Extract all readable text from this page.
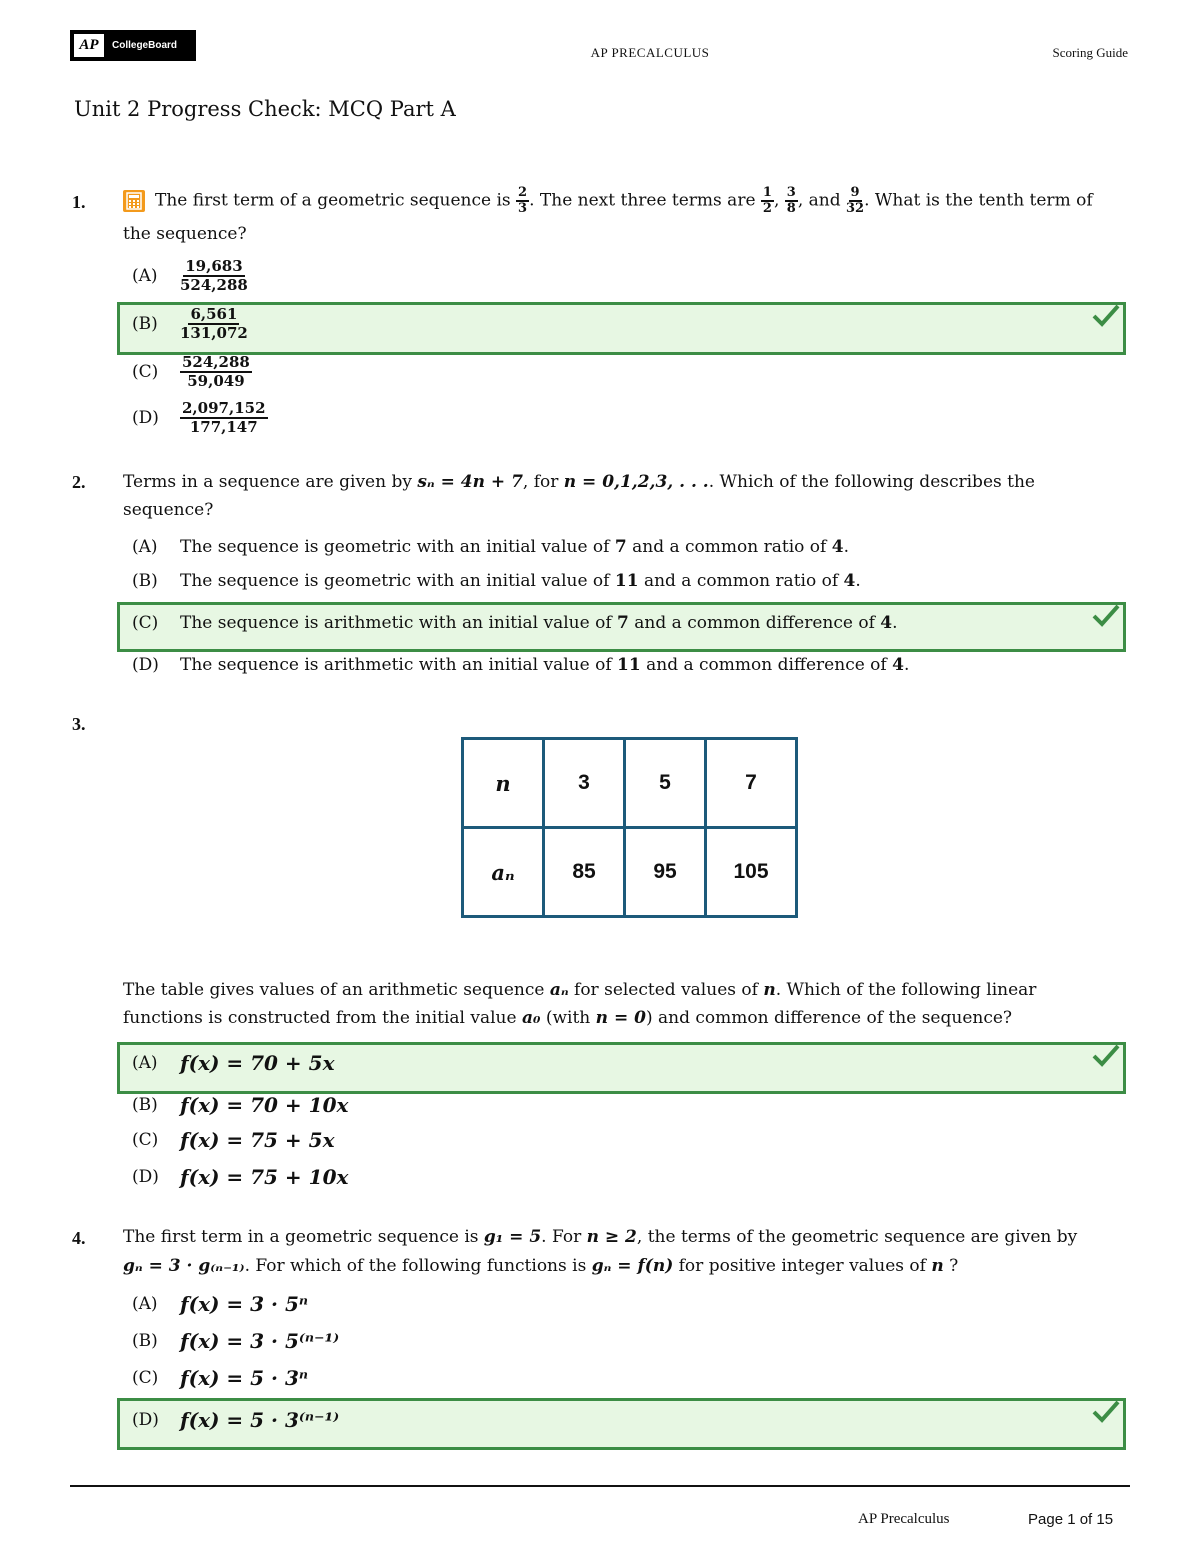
AP	CollegeBoard	AP PRECALCULUS	Scoring Guide
Unit 2 Progress Check: MCQ Part A
1.	The first term of a geometric sequence is $\frac{2}{3}$ . The next three terms are $\frac{1}{2}$ , $\frac{3}{8}$ , and $\frac{9}{32}$ . What is the tenth term of
the sequence?
(A)	$\frac{19,683}{524,288}$
(B)	$\frac{6,561}{131,072}$
(C)	$\frac{524,288}{59,049}$
(D)	$\frac{2,097,152}{177,147}$
2. Terms in a sequence are given by sₙ = 4n + 7, for n = 0,1,2,3, . . .. Which of the following describes the
sequence?
(A)	The sequence is geometric with an initial value of 7 and a common ratio of 4.
(B)	The sequence is geometric with an initial value of 11 and a common ratio of 4.
(C)	The sequence is arithmetic with an initial value of 7 and a common difference of 4.
(D)	The sequence is arithmetic with an initial value of 11 and a common difference of 4.
3.
n	3	5	7
aₙ	85	95	105
The table gives values of an arithmetic sequence aₙ for selected values of n. Which of the following linear
functions is constructed from the initial value a₀ (with n = 0) and common difference of the sequence?
(A)	f(x) = 70 + 5x
(B)	f(x) = 70 + 10x
(C)	f(x) = 75 + 5x
(D)	f(x) = 75 + 10x
4. The first term in a geometric sequence is g₁ = 5. For n ≥ 2, the terms of the geometric sequence are given by
gₙ = 3 · g₍ₙ₋₁₎. For which of the following functions is gₙ = f(n) for positive integer values of n ?
(A)	f(x) = 3 · 5ⁿ
(B)	f(x) = 3 · 5⁽ⁿ⁻¹⁾
(C)	f(x) = 5 · 3ⁿ
(D)	f(x) = 5 · 3⁽ⁿ⁻¹⁾
AP Precalculus	Page 1 of 15
